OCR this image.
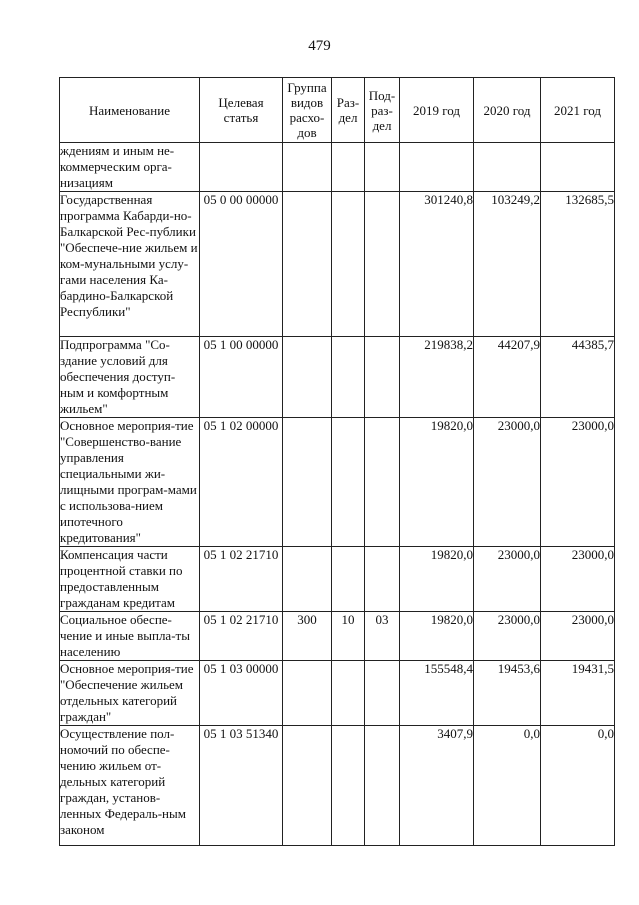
479
Наименование	Целевая статья	Группа видов расхо-дов	Раз-дел	Под-раз-дел	2019 год	2020 год	2021 год
ждениям и иным не-коммерческим орга-низациям							
Государственная программа Кабарди-но-Балкарской Рес-публики "Обеспече-ние жильем и ком-мунальными услу-гами населения Ка-бардино-Балкарской Республики"	05 0 00 00000				301240,8	103249,2	132685,5
Подпрограмма "Со-здание условий для обеспечения доступ-ным и комфортным жильем"	05 1 00 00000				219838,2	44207,9	44385,7
Основное мероприя-тие "Совершенство-вание управления специальными жи-лищными програм-мами с использова-нием ипотечного кредитования"	05 1 02 00000				19820,0	23000,0	23000,0
Компенсация части процентной ставки по предоставленным гражданам кредитам	05 1 02 21710				19820,0	23000,0	23000,0
Социальное обеспе-чение и иные выпла-ты населению	05 1 02 21710	300	10	03	19820,0	23000,0	23000,0
Основное мероприя-тие "Обеспечение жильем отдельных категорий граждан"	05 1 03 00000				155548,4	19453,6	19431,5
Осуществление пол-номочий по обеспе-чению жильем от-дельных категорий граждан, установ-ленных Федераль-ным законом	05 1 03 51340				3407,9	0,0	0,0
